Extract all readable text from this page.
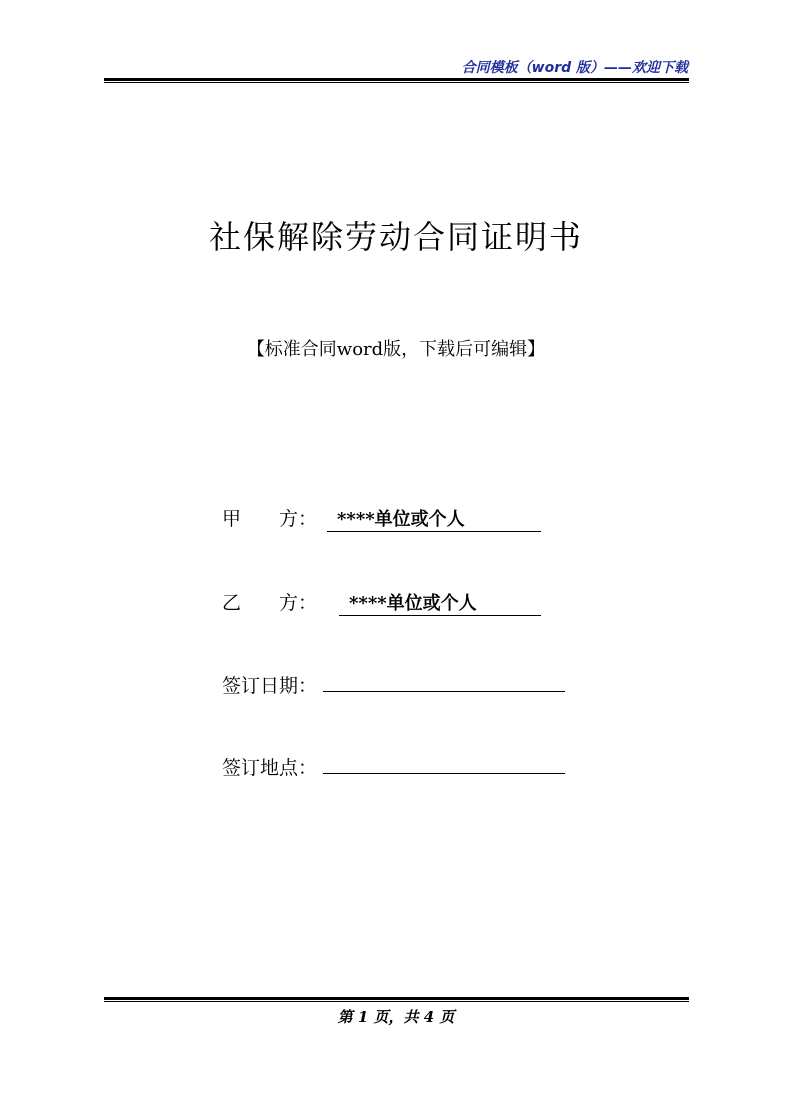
合同模板（word 版）——欢迎下载
社保解除劳动合同证明书
【标准合同word版，下载后可编辑】
甲　　方： ****单位或个人
乙　　方： ****单位或个人
签订日期：
签订地点：
第 1 页，共 4 页
